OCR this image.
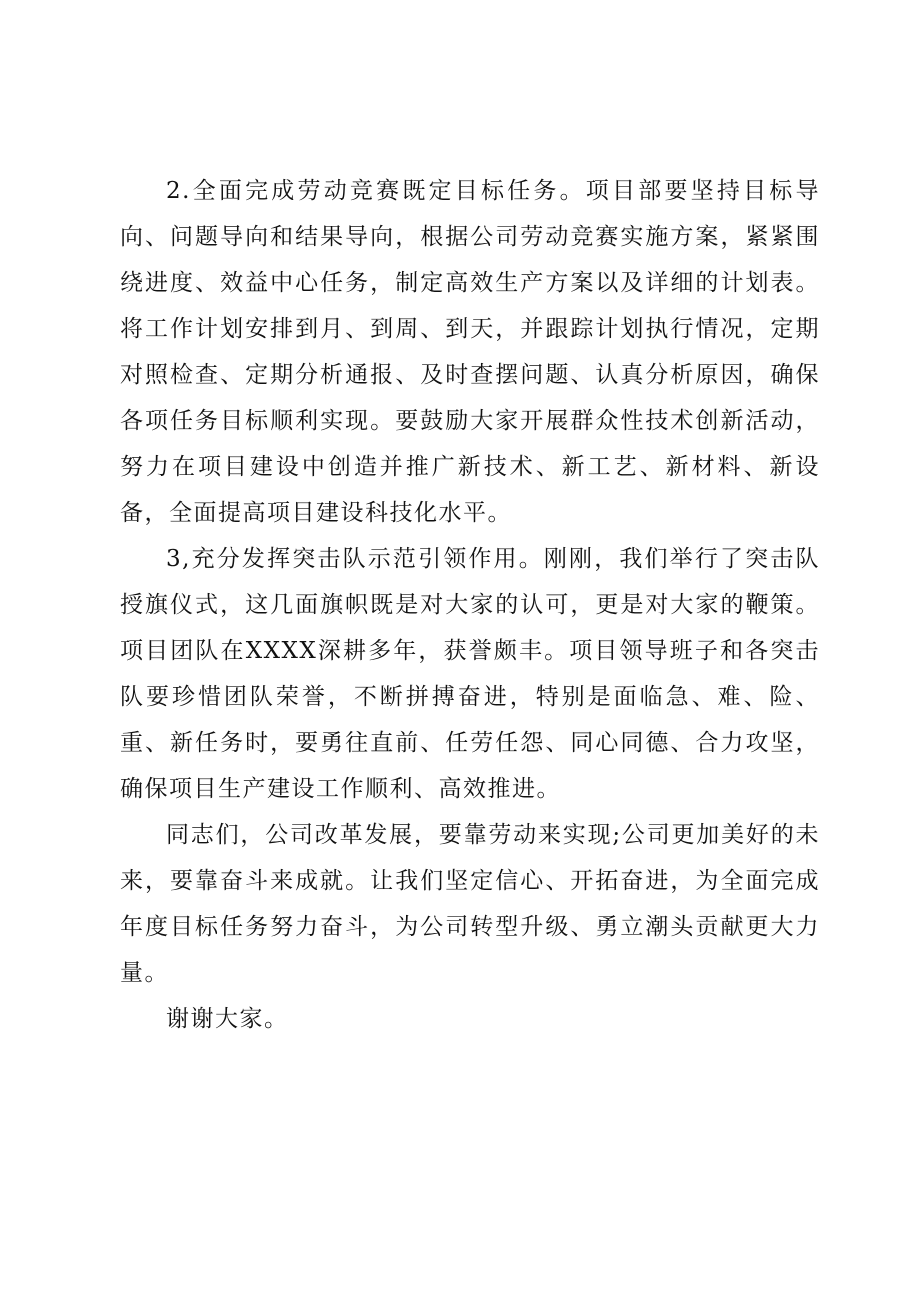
2.全面完成劳动竞赛既定目标任务。项目部要坚持目标导向、问题导向和结果导向，根据公司劳动竞赛实施方案，紧紧围绕进度、效益中心任务，制定高效生产方案以及详细的计划表。将工作计划安排到月、到周、到天，并跟踪计划执行情况，定期对照检查、定期分析通报、及时查摆问题、认真分析原因，确保各项任务目标顺利实现。要鼓励大家开展群众性技术创新活动，努力在项目建设中创造并推广新技术、新工艺、新材料、新设备，全面提高项目建设科技化水平。

3,充分发挥突击队示范引领作用。刚刚，我们举行了突击队授旗仪式，这几面旗帜既是对大家的认可，更是对大家的鞭策。项目团队在XXXX深耕多年，获誉颇丰。项目领导班子和各突击队要珍惜团队荣誉，不断拼搏奋进，特别是面临急、难、险、重、新任务时，要勇往直前、任劳任怨、同心同德、合力攻坚，确保项目生产建设工作顺利、高效推进。

同志们，公司改革发展，要靠劳动来实现;公司更加美好的未来，要靠奋斗来成就。让我们坚定信心、开拓奋进，为全面完成年度目标任务努力奋斗，为公司转型升级、勇立潮头贡献更大力量。

谢谢大家。
